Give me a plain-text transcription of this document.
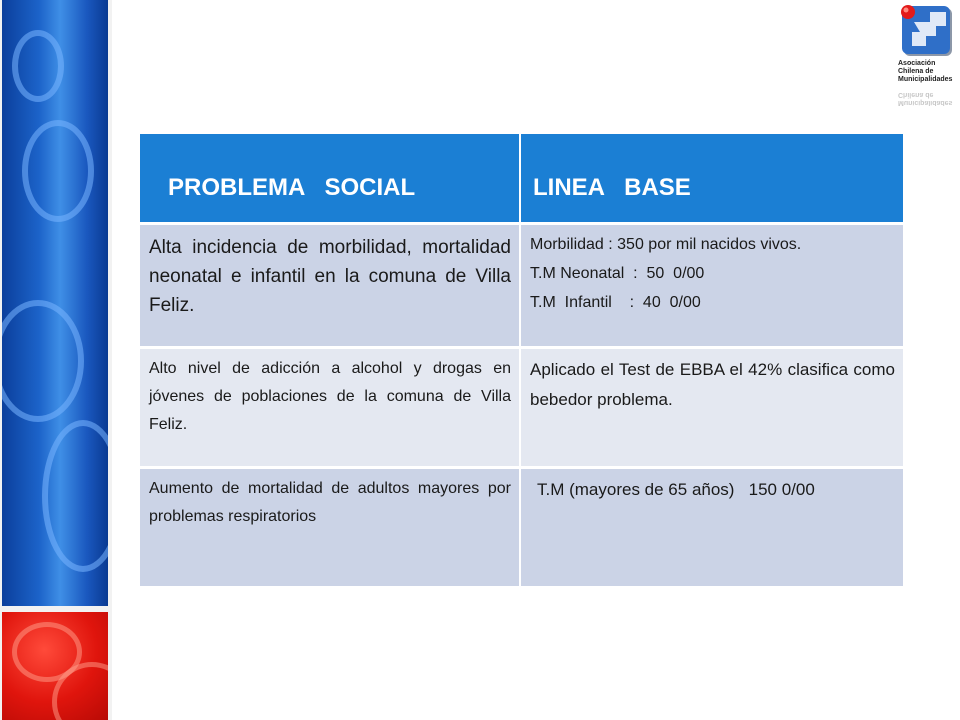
Asociación
Chilena de
Municipalidades
Municipalidades
Chilena de
PROBLEMA   SOCIAL	LINEA   BASE
Alta incidencia de morbilidad, mortalidad neonatal e infantil en la comuna de Villa Feliz.
Morbilidad : 350 por mil nacidos vivos.
T.M Neonatal  :  50  0/00
T.M  Infantil    :  40  0/00
Alto nivel de adicción a alcohol y drogas en jóvenes de poblaciones de la comuna de Villa Feliz.
Aplicado el Test de EBBA el 42% clasifica como bebedor problema.
Aumento de mortalidad de adultos mayores por problemas respiratorios
T.M (mayores de 65 años)   150 0/00
